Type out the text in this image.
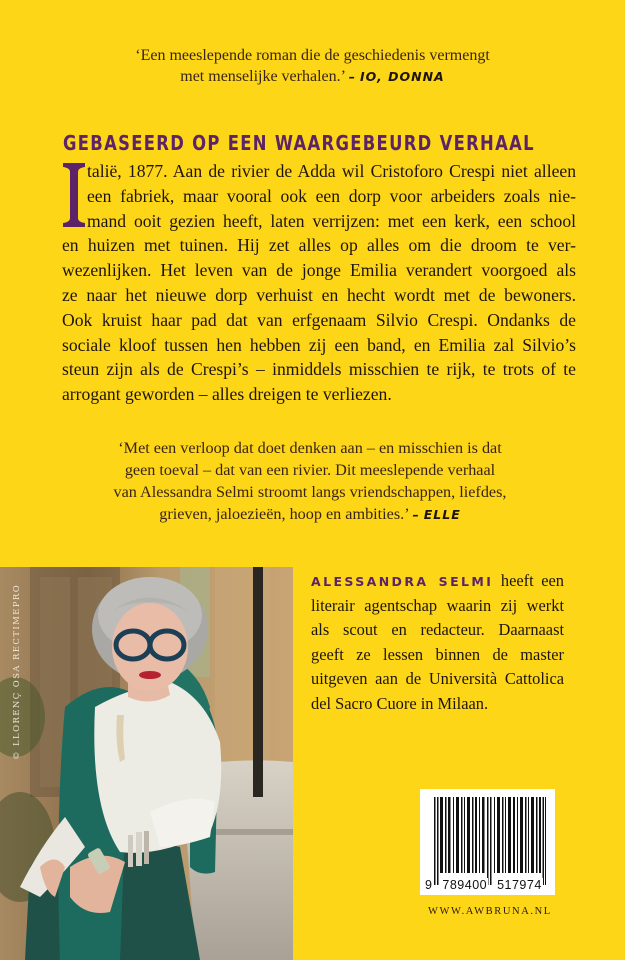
‘Een meeslepende roman die de geschiedenis vermengt
met menselijke verhalen.’ – IO, DONNA
GEBASEERD OP EEN WAARGEBEURD VERHAAL
talië, 1877. Aan de rivier de Adda wil Cristoforo Crespi niet alleen
een fabriek, maar vooral ook een dorp voor arbeiders zoals nie-
mand ooit gezien heeft, laten verrijzen: met een kerk, een school
en huizen met tuinen. Hij zet alles op alles om die droom te ver-
wezenlijken. Het leven van de jonge Emilia verandert voorgoed als
ze naar het nieuwe dorp verhuist en hecht wordt met de bewoners.
Ook kruist haar pad dat van erfgenaam Silvio Crespi. Ondanks de
sociale kloof tussen hen hebben zij een band, en Emilia zal Silvio’s
steun zijn als de Crespi’s – inmiddels misschien te rijk, te trots of te
arrogant geworden – alles dreigen te verliezen.
‘Met een verloop dat doet denken aan – en misschien is dat
geen toeval – dat van een rivier. Dit meeslepende verhaal
van Alessandra Selmi stroomt langs vriendschappen, liefdes,
grieven, jaloezieën, hoop en ambities.’ – ELLE
© LLORENÇ OSA RECTIMEPRO
ALESSANDRA SELMI heeft een
literair agentschap waarin zij werkt
als scout en redacteur. Daarnaast
geeft ze lessen binnen de master
uitgeven aan de Università Cattolica
del Sacro Cuore in Milaan.
9 789400 517974
WWW.AWBRUNA.NL
